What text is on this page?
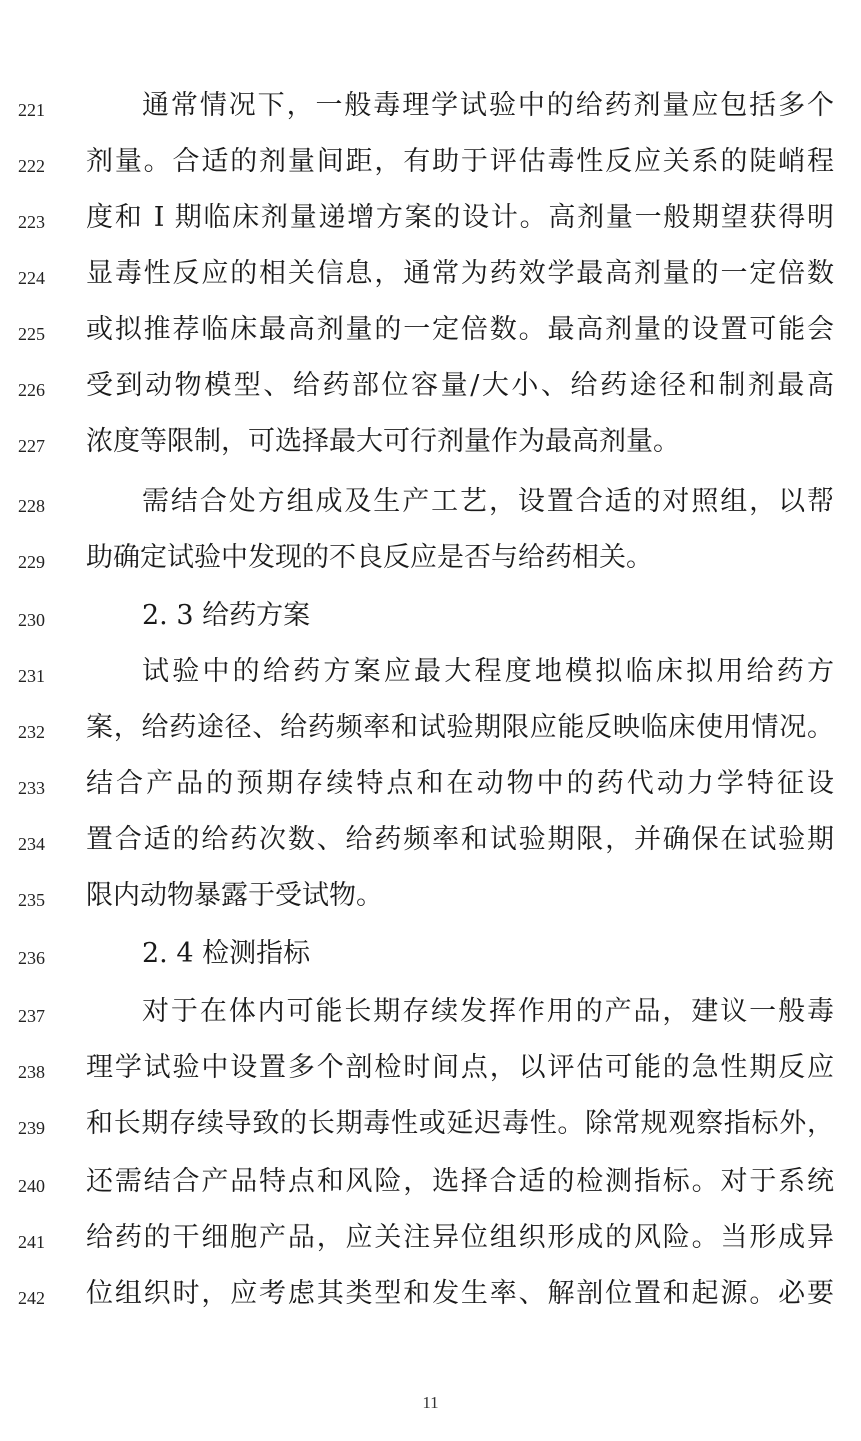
221	通常情况下，一般毒理学试验中的给药剂量应包括多个
222	剂量。合适的剂量间距，有助于评估毒性反应关系的陡峭程
223	度和 I 期临床剂量递增方案的设计。高剂量一般期望获得明
224	显毒性反应的相关信息，通常为药效学最高剂量的一定倍数
225	或拟推荐临床最高剂量的一定倍数。最高剂量的设置可能会
226	受到动物模型、给药部位容量/大小、给药途径和制剂最高
227	浓度等限制，可选择最大可行剂量作为最高剂量。
228	需结合处方组成及生产工艺，设置合适的对照组，以帮
229	助确定试验中发现的不良反应是否与给药相关。
230	2. 3 给药方案
231	试验中的给药方案应最大程度地模拟临床拟用给药方
232	案，给药途径、给药频率和试验期限应能反映临床使用情况。
233	结合产品的预期存续特点和在动物中的药代动力学特征设
234	置合适的给药次数、给药频率和试验期限，并确保在试验期
235	限内动物暴露于受试物。
236	2. 4 检测指标
237	对于在体内可能长期存续发挥作用的产品，建议一般毒
238	理学试验中设置多个剖检时间点，以评估可能的急性期反应
239	和长期存续导致的长期毒性或延迟毒性。除常规观察指标外，
240	还需结合产品特点和风险，选择合适的检测指标。对于系统
241	给药的干细胞产品，应关注异位组织形成的风险。当形成异
242	位组织时，应考虑其类型和发生率、解剖位置和起源。必要
11
